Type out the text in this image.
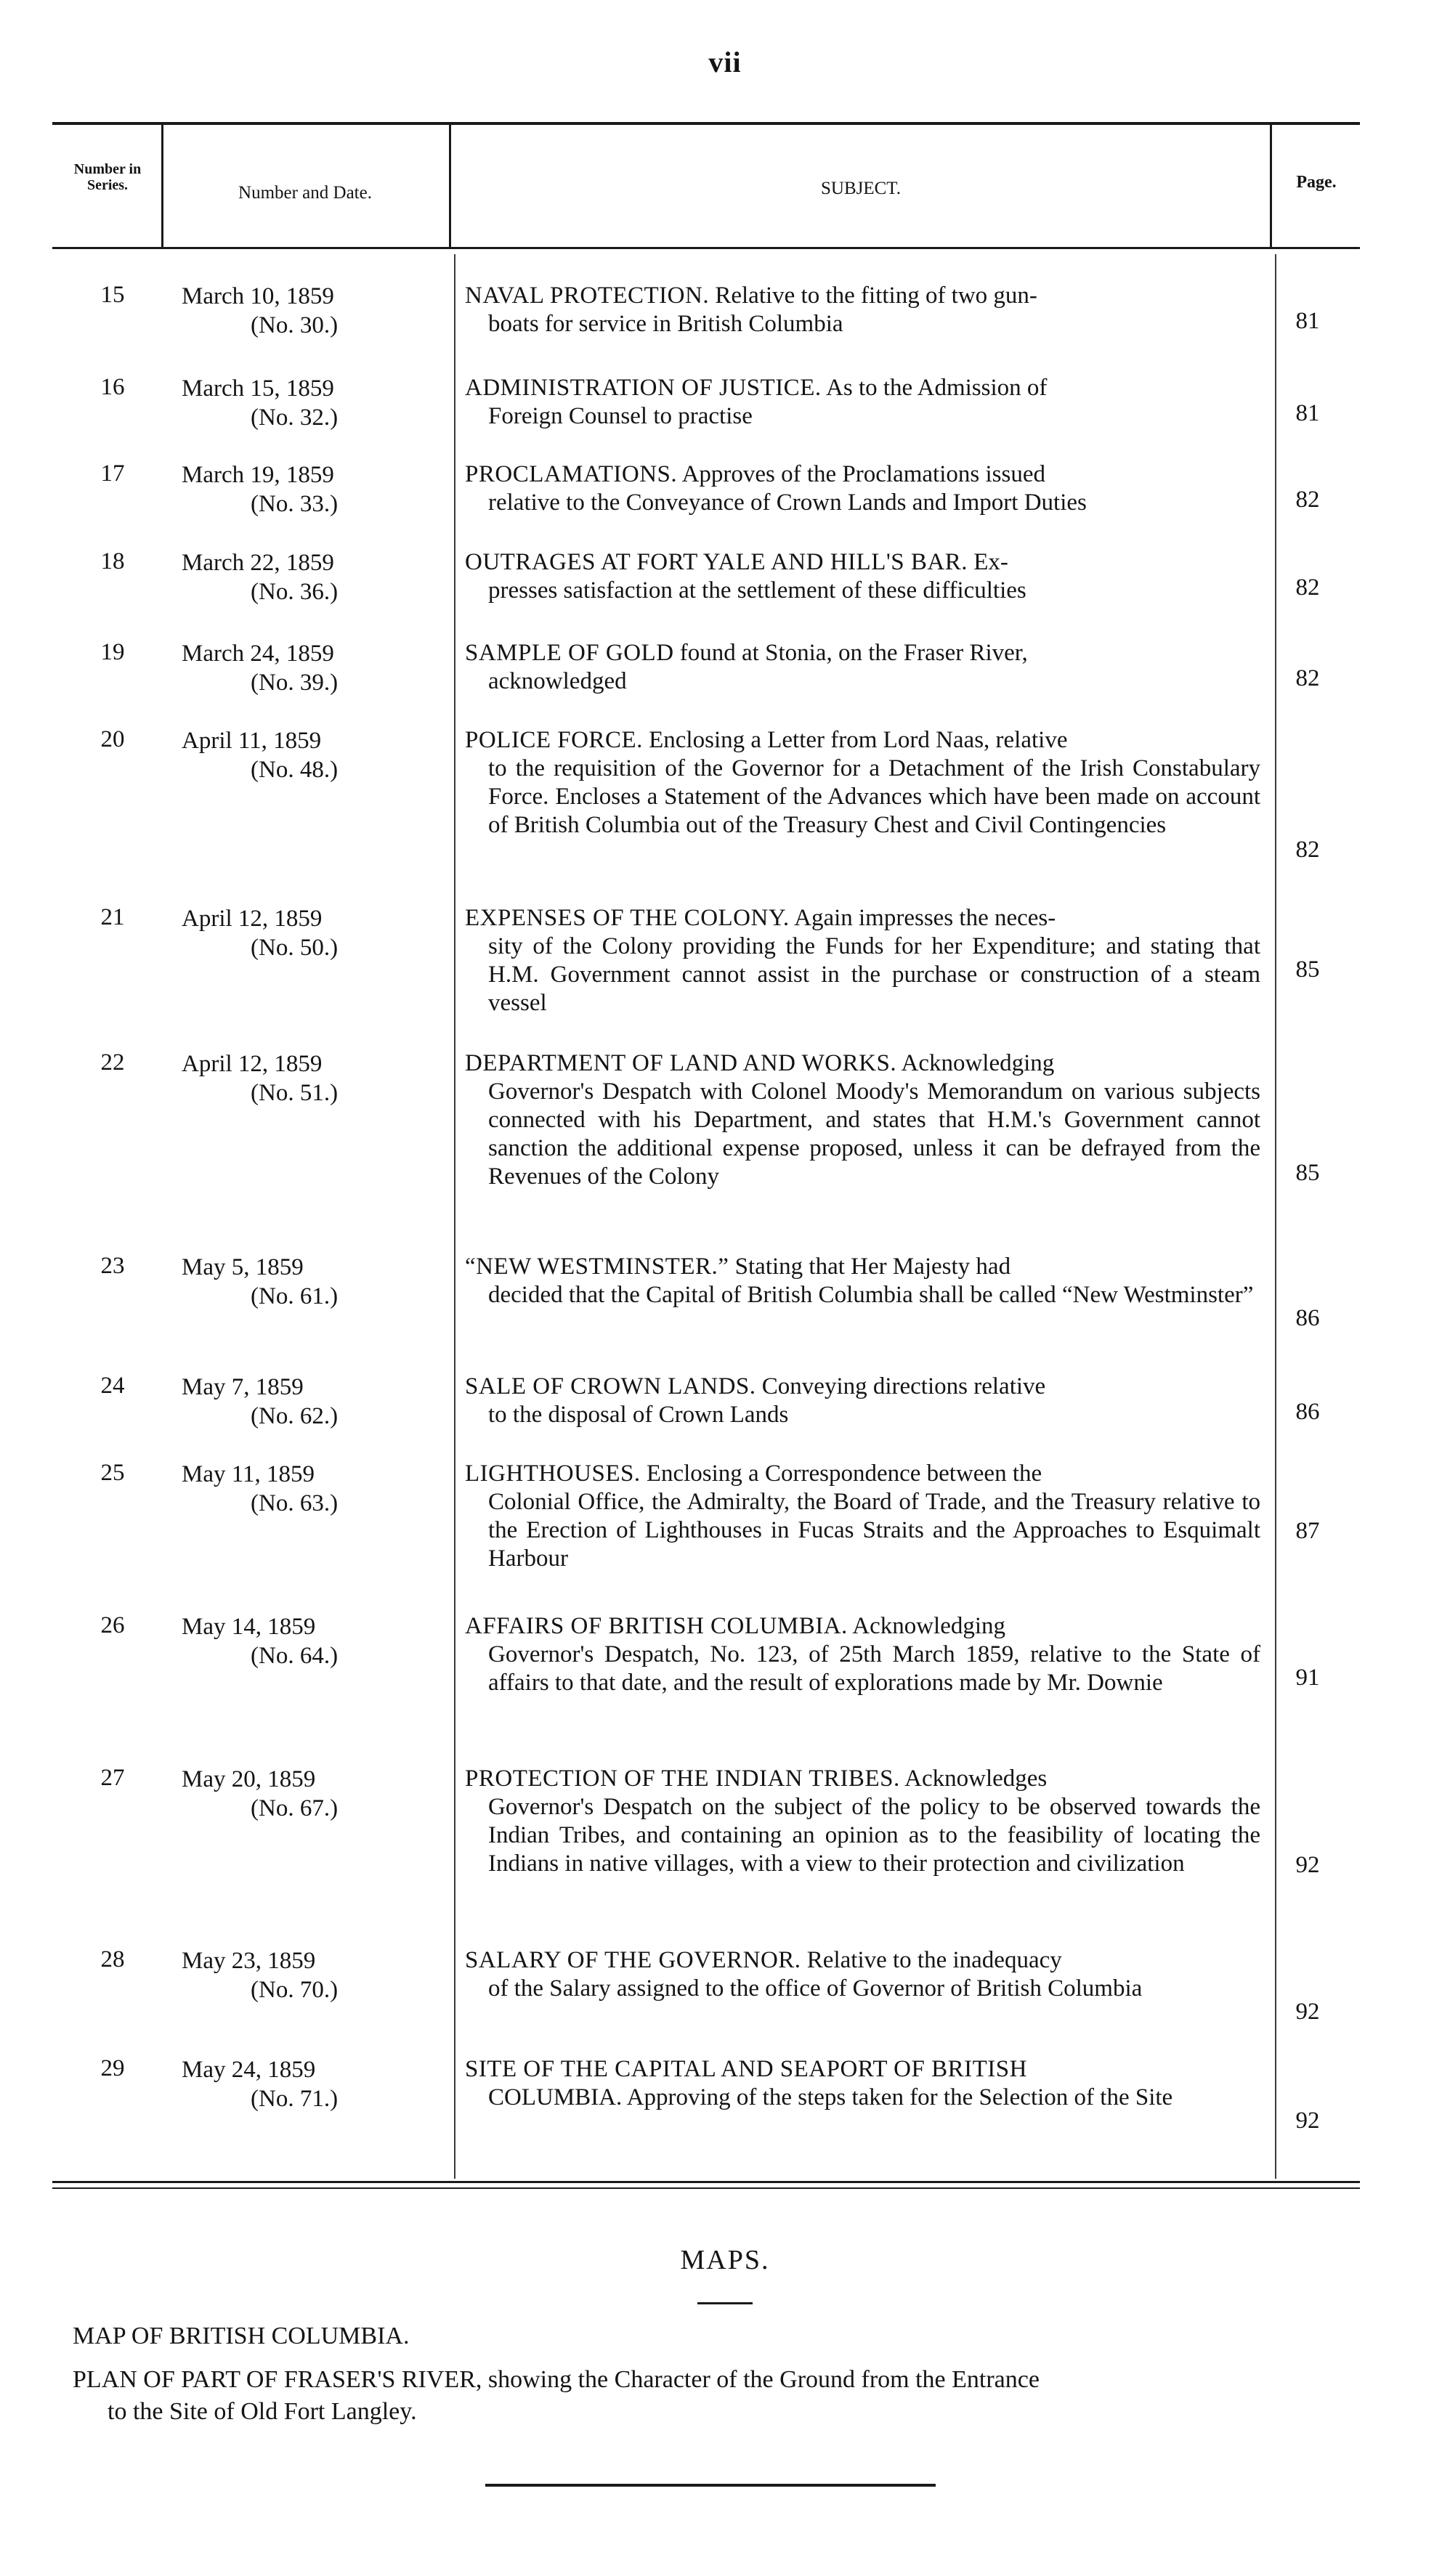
vii
Number in Series.	Number and Date.	SUBJECT.	Page.
15	March 10, 1859
(No. 30.)
NAVAL PROTECTION. Relative to the fitting of two gun-
boats for service in British Columbia	81
16	March 15, 1859
(No. 32.)
ADMINISTRATION OF JUSTICE. As to the Admission of
Foreign Counsel to practise	81
17	March 19, 1859
(No. 33.)
PROCLAMATIONS. Approves of the Proclamations issued
relative to the Conveyance of Crown Lands and Import Duties	82
18	March 22, 1859
(No. 36.)
OUTRAGES AT FORT YALE AND HILL'S BAR. Ex-
presses satisfaction at the settlement of these difficulties	82
19	March 24, 1859
(No. 39.)
SAMPLE OF GOLD found at Stonia, on the Fraser River,
acknowledged	82
20	April 11, 1859
(No. 48.)
POLICE FORCE. Enclosing a Letter from Lord Naas, relative
to the requisition of the Governor for a Detachment of the Irish Constabulary Force. Encloses a Statement of the Advances which have been made on account of British Columbia out of the Treasury Chest and Civil Contingencies
82
21	April 12, 1859
(No. 50.)
EXPENSES OF THE COLONY. Again impresses the neces-
sity of the Colony providing the Funds for her Expenditure; and stating that H.M. Government cannot assist in the purchase or construction of a steam vessel
85
22	April 12, 1859
(No. 51.)
DEPARTMENT OF LAND AND WORKS. Acknowledging
Governor's Despatch with Colonel Moody's Memorandum on various subjects connected with his Department, and states that H.M.'s Government cannot sanction the additional expense proposed, unless it can be defrayed from the Revenues of the Colony	85
23	May 5, 1859
(No. 61.)
“NEW WESTMINSTER.” Stating that Her Majesty had
decided that the Capital of British Columbia shall be called “New Westminster”
86
24	May 7, 1859
(No. 62.)
SALE OF CROWN LANDS. Conveying directions relative
to the disposal of Crown Lands	86
25	May 11, 1859
(No. 63.)
LIGHTHOUSES. Enclosing a Correspondence between the
Colonial Office, the Admiralty, the Board of Trade, and the Treasury relative to the Erection of Lighthouses in Fucas Straits and the Approaches to Esquimalt Harbour
87
26	May 14, 1859
(No. 64.)
AFFAIRS OF BRITISH COLUMBIA. Acknowledging
Governor's Despatch, No. 123, of 25th March 1859, relative to the State of affairs to that date, and the result of explorations made by Mr. Downie	91
27	May 20, 1859
(No. 67.)
PROTECTION OF THE INDIAN TRIBES. Acknowledges
Governor's Despatch on the subject of the policy to be observed towards the Indian Tribes, and containing an opinion as to the feasibility of locating the Indians in native villages, with a view to their protection and civilization	92
28	May 23, 1859
(No. 70.)
SALARY OF THE GOVERNOR. Relative to the inadequacy
of the Salary assigned to the office of Governor of British Columbia
92
29	May 24, 1859
(No. 71.)
SITE OF THE CAPITAL AND SEAPORT OF BRITISH
COLUMBIA. Approving of the steps taken for the Selection of the Site
92
MAPS.
MAP OF BRITISH COLUMBIA.
PLAN OF PART OF FRASER'S RIVER, showing the Character of the Ground from the Entrance
to the Site of Old Fort Langley.
